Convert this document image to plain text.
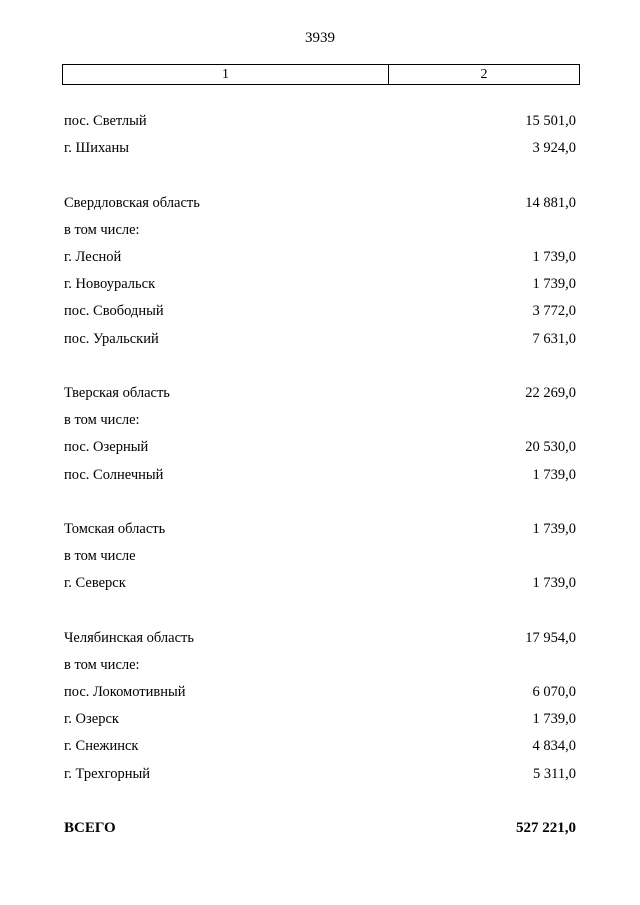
3939
1	2
пос. Светлый	15 501,0
г. Шиханы	3 924,0
Свердловская область	14 881,0
в том числе:
г. Лесной	1 739,0
г. Новоуральск	1 739,0
пос. Свободный	3 772,0
пос. Уральский	7 631,0
Тверская область	22 269,0
в том числе:
пос. Озерный	20 530,0
пос. Солнечный	1 739,0
Томская область	1 739,0
в том числе
г. Северск	1 739,0
Челябинская область	17 954,0
в том числе:
пос. Локомотивный	6 070,0
г. Озерск	1 739,0
г. Снежинск	4 834,0
г. Трехгорный	5 311,0
ВСЕГО	527 221,0
